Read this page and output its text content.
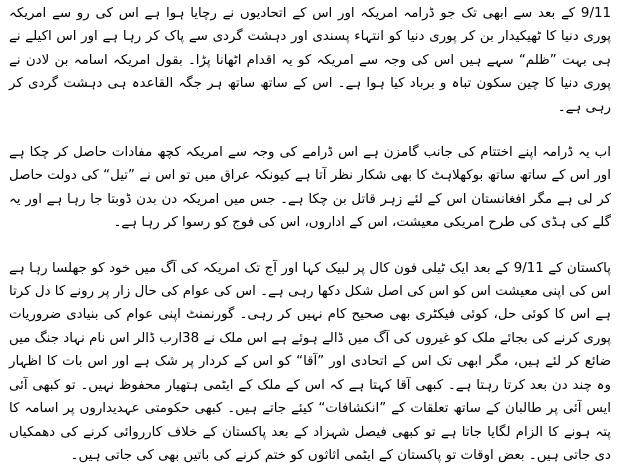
9/11 کے بعد سے ابھی تک جو ڈرامہ امریکہ اور اس کے اتحادیوں نے رچایا ہوا ہے اس کی رو سے امریکہ پوری دنیا کا ٹھیکیدار بن کر پوری دنیا کو انتہاء پسندی اور دہشت گردی سے پاک کر رہا ہے اور اس اکیلے نے ہی بہت ”ظلم“ سہے ہیں اس کی وجہ سے امریکہ کو یہ اقدام اٹھانا پڑا۔ بقول امریکہ اسامہ بن لادن نے پوری دنیا کا چین سکون تباہ و برباد کیا ہوا ہے۔ اس کے ساتھ ساتھ ہر جگہ القاعدہ ہی دہشت گردی کر رہی ہے۔

اب یہ ڈرامہ اپنے اختتام کی جانب گامزن ہے اس ڈرامے کی وجہ سے امریکہ کچھ مفادات حاصل کر چکا ہے اور اس کے ساتھ ساتھ بوکھلاہٹ کا بھی شکار نظر آتا ہے کیونکہ عراق میں تو اس نے ”تیل“ کی دولت حاصل کر لی ہے مگر افغانستان اس کے لئے زہر قاتل بن چکا ہے۔ جس میں امریکہ دن بدن ڈوبتا جا رہا ہے اور یہ گلے کی ہڈی کی طرح امریکی معیشت، اس کے اداروں، اس کی فوج کو رسوا کر رہا ہے۔

پاکستان کے 9/11 کے بعد ایک ٹیلی فون کال پر لبیک کہا اور آج تک امریکہ کی آگ میں خود کو جھلسا رہا ہے اس کی اپنی معیشت اس کو اس کی اصل شکل دکھا رہی ہے۔ اس کی عوام کی حال زار پر رونے کا دل کرتا ہے اس کا کوئی حل، کوئی فیکٹری بھی صحیح کام نہیں کر رہی۔ گورنمنٹ اپنی عوام کی بنیادی ضروریات پوری کرنے کی بجائے ملک کو غیروں کی آگ میں ڈالے ہوئے ہے اس ملک نے 38ارب ڈالر اس نام نہاد جنگ میں ضائع کر لئے ہیں، مگر ابھی تک اس کے اتحادی اور ”آقا“ کو اس کے کردار پر شک ہے اور اس بات کا اظہار وہ چند دن بعد کرتا رہتا ہے۔ کبھی آقا کہتا ہے کہ اس کے ملک کے ایٹمی ہتھیار محفوظ نہیں۔ تو کبھی آئی ایس آئی پر طالبان کے ساتھ تعلقات کے ”انکشافات“ کیئے جاتے ہیں۔ کبھی حکومتی عہدیداروں پر اسامہ کا پتہ ہونے کا الزام لگایا جاتا ہے تو کبھی فیصل شہزاد کے بعد پاکستان کے خلاف کارروائی کرنے کی دھمکیاں دی جاتی ہیں۔ بعض اوقات تو پاکستان کے ایٹمی اثاثوں کو ختم کرنے کی باتیں بھی کی جاتی ہیں۔
